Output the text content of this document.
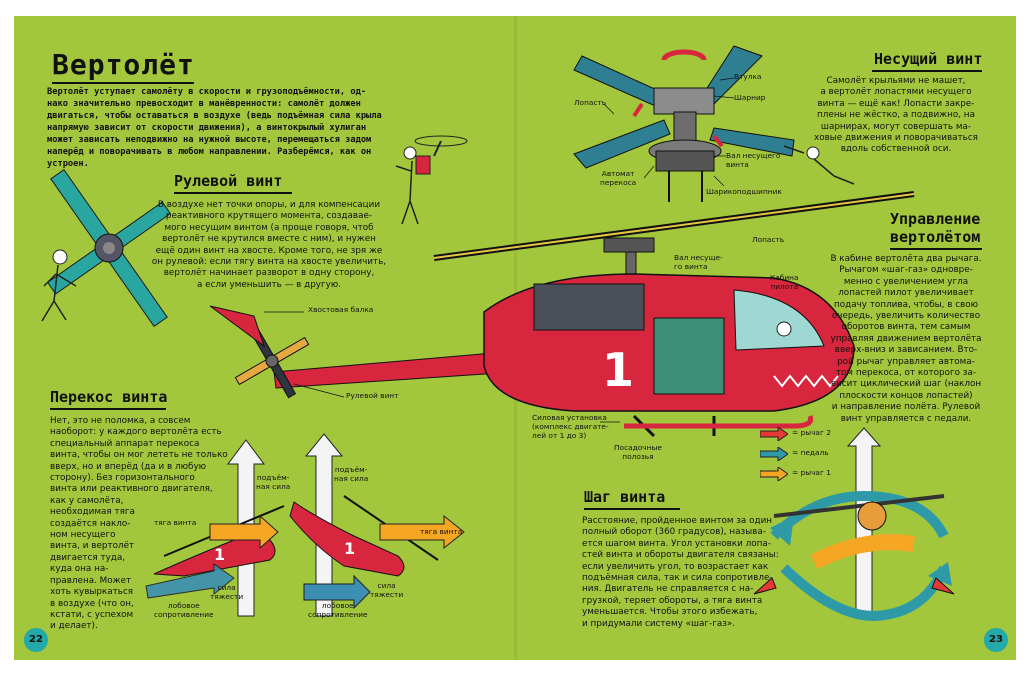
1
1	1
Вертолёт
Вертолёт уступает самолёту в скорости и грузоподъёмности, од-
нако значительно превосходит в манёвренности: самолёт должен
двигаться, чтобы оставаться в воздухе (ведь подъёмная сила крыла
напрямую зависит от скорости движения), а винтокрылый хулиган
может зависать неподвижно на нужной высоте, перемещаться задом
наперёд и поворачивать в любом направлении. Разберёмся, как он
устроен.
Рулевой винт
В воздухе нет точки опоры, и для компенсации
реактивного крутящего момента, создавае-
мого несущим винтом (а проще говоря, чтоб
вертолёт не крутился вместе с ним), и нужен
ещё один винт на хвосте. Кроме того, не зря же
он рулевой: если тягу винта на хвосте увеличить,
вертолёт начинает разворот в одну сторону,
а если уменьшить — в другую.
Несущий винт
Самолёт крыльями не машет,
а вертолёт лопастями несущего
винта — ещё как! Лопасти закре-
плены не жёстко, а подвижно, на
шарнирах, могут совершать ма-
ховые движения и поворачиваться
вдоль собственной оси.
Втулка
Шарнир
Лопасть
Вал несущего
винта
Автомат
перекоса
Шарикоподшипник
Управление
вертолётом
В кабине вертолёта два рычага.
Рычагом «шаг-газ» одновре-
менно с увеличением угла
лопастей пилот увеличивает
подачу топлива, чтобы, в свою
очередь, увеличить количество
оборотов винта, тем самым
управляя движением вертолёта
вверх-вниз и зависанием. Вто-
рой рычаг управляет автома-
том перекоса, от которого за-
висит циклический шаг (наклон
плоскости концов лопастей)
и направление полёта. Рулевой
винт управляется с педали.
Лопасть
Вал несуще-
го винта
Кабина
пилота
Хвостовая балка
Рулевой винт
Силовая установка
(комплекс двигате-
лей от 1 до 3)
Посадочные
полозья
Перекос винта
Нет, это не поломка, а совсем
наоборот: у каждого вертолёта есть
специальный аппарат перекоса
винта, чтобы он мог лететь не только
вверх, но и вперёд (да и в любую
сторону). Без горизонтального
винта или реактивного двигателя,
как у самолёта,
необходимая тяга
создаётся накло-
ном несущего
винта, и вертолёт
двигается туда,
куда она на-
правлена. Может
хоть кувыркаться
в воздухе (что он,
кстати, с успехом
и делает).
подъём-
ная сила
тяга винта
лобовое
сопротивление
сила
тяжести
подъём-
ная сила
тяга винта
лобовое
сопротивление
сила
тяжести
Шаг винта
Расстояние, пройденное винтом за один
полный оборот (360 градусов), называ-
ется шагом винта. Угол установки лопа-
стей винта и обороты двигателя связаны:
если увеличить угол, то возрастает как
подъёмная сила, так и сила сопротивле-
ния. Двигатель не справляется с на-
грузкой, теряет обороты, а тяга винта
уменьшается. Чтобы этого избежать,
и придумали систему «шаг-газ».
= рычаг 2
= педаль
= рычаг 1
22	23
